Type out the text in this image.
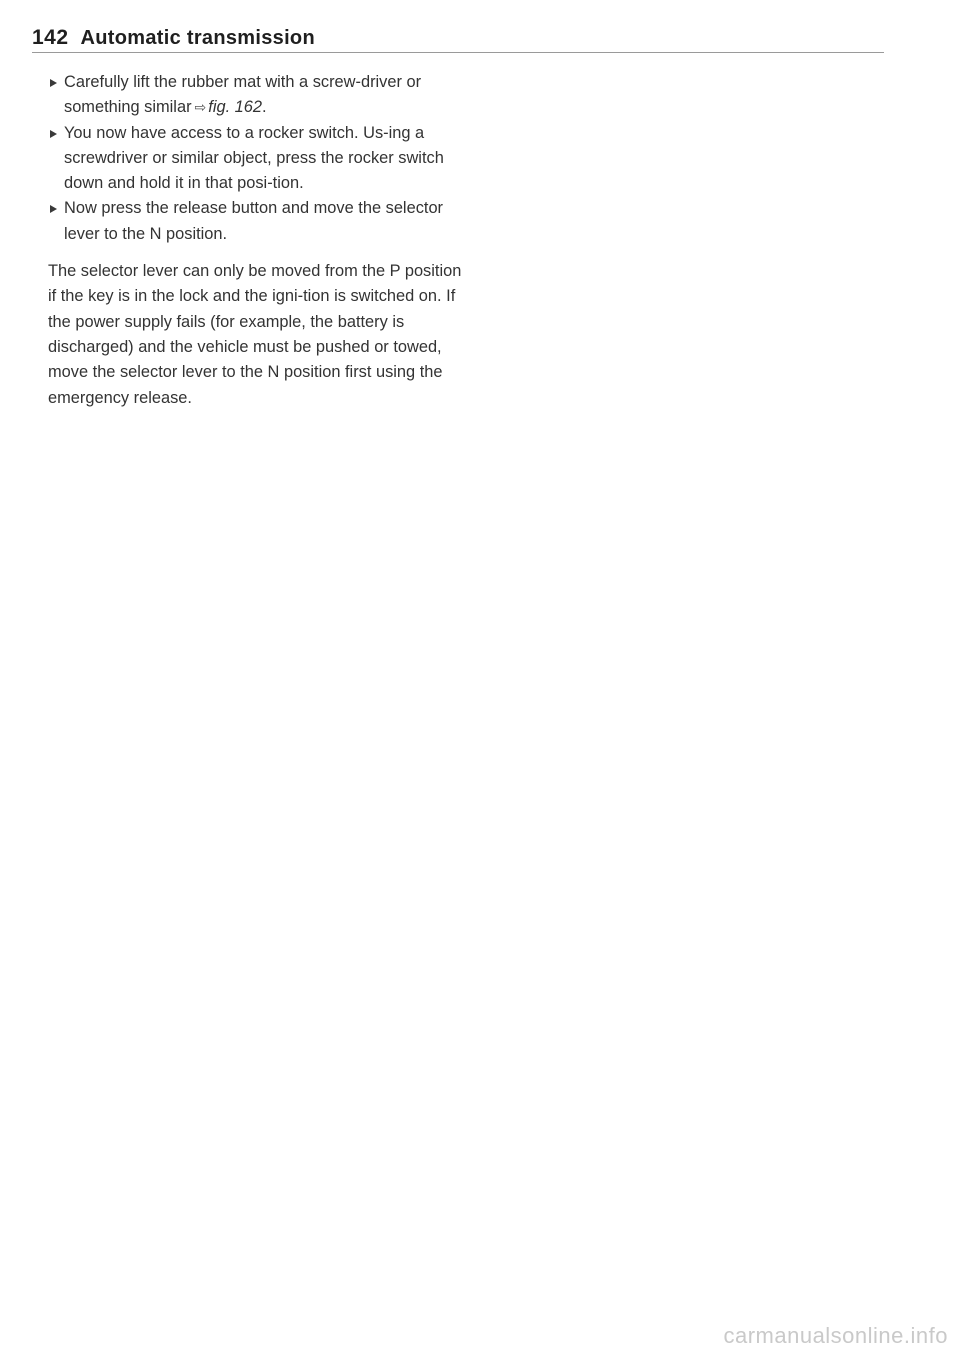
142 Automatic transmission
Carefully lift the rubber mat with a screw-driver or something similar ⇨ fig. 162.
You now have access to a rocker switch. Us-ing a screwdriver or similar object, press the rocker switch down and hold it in that posi-tion.
Now press the release button and move the selector lever to the N position.

The selector lever can only be moved from the P position if the key is in the lock and the igni-tion is switched on. If the power supply fails (for example, the battery is discharged) and the vehicle must be pushed or towed, move the selector lever to the N position first using the emergency release.

carmanualsonline.info
